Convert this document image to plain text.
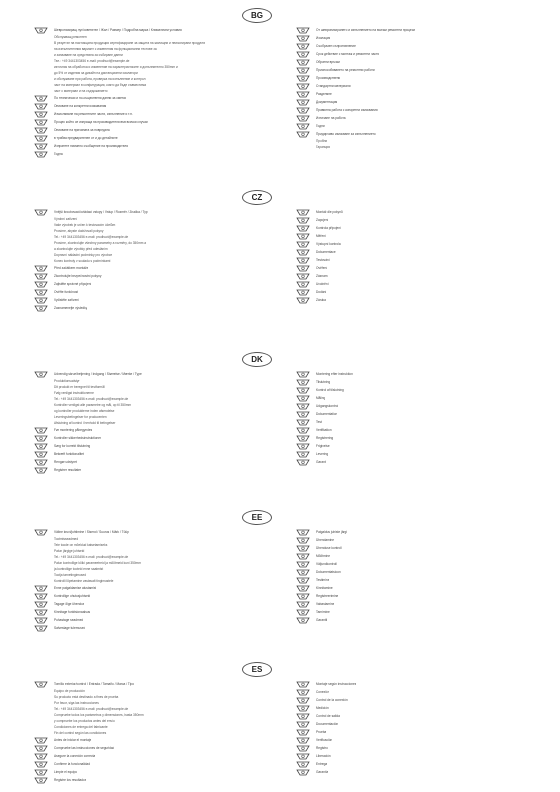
BG
Шевронизиращ луг/осветител / Жил / Размер / Подробна марка / Климатични условия
Обслужващ ремонтен
В резултат на настоящата продукция сертифициране за защита на жилищни и неизолирани продукти
на изпълнителния вариант с изменения на функционални тестове за
и запазване на средствата за събиране данни
Тел.: +49 3441303456 e-mail: prodhuct@example.de
източник на обработка и изменение на характеристиките и допълнително 350mm и
до 5% от изделия за дизайн на дистанционни изолатори
и обслужване при работа, проверка на изпълнение и контрол
част на материал в конфигурация, която да бъде съвместима
част с материал и на съдържанието
По технически и по-съществени данни за сметки
Описване на конкретни изисквания
Изчисляване на ремонтните части, изпълнение и т.н.
Процес който се изпраща на производителя във всички случаи
Описване на причината за повредата
в трябва предварителен от и до детайлите
Изпратете писмено съобщение на производителя
Годна
От шевронизирането и изпълнението на всички ремонтни процеси
Изолация
Съобразен съпротивление
Срок действие с монтаж и ремонтни части
Обратни връзки
Приспособяването на ремонтни работи
Производствени
Стандартни материали
Разделяне
Документация
Правилна работа с конкретни изисквания
Изтичане на работа
Годни
Придирчиво изискване за изпълнението
Пробни
Гаранция
CZ
Vnější šroubovací/ovládací vstupy / Vstup / Rozměr / Značka / Typ
Výrobní zařízení
Vaše výrobek je určen k testovacím účelům
Prosíme, abyste dodržovali pokyny
Tel.: +49 3441303456 e-mail: prodhuct@example.de
Prosíme, zkontrolujte všechny parametry a rozměry, do 350mm a
a zkontrolujte výrobky před odesláním
Dopravní nákladní podmínky pro výrobce
Konec kontroly v souladu s podmínkami
Před začátkem montáže
Zkontrolujte bezpečnostní pokyny
Zajistěte správné připojení
Ověřte funkčnost
Vyčistěte zařízení
Zaznamenejte výsledky
Montáž dle pokynů
Zapojení
Kontrola připojení
Měření
Výstupní kontrola
Dokumentace
Testování
Ověření
Záznam
Uvolnění
Dodání
Záruka
DK
Udvendig skrue/betjening / Indgang / Størrelse / Mærke / Type
Produktionsudstyr
Dit produkt er beregnet til testformål
Følg venligst instruktionerne
Tel.: +49 3441303456 e-mail: prodhuct@example.de
Kontroller venligst alle parametre og mål, op til 350mm
og kontroller produkterne inden afsendelse
Leveringsbetingelser for producenten
Afslutning af kontrol i henhold til betingelser
Før montering påbegyndes
Kontroller sikkerhedsinstruktioner
Sørg for korrekt tilslutning
Bekræft funktionalitet
Rengør udstyret
Registrer resultater
Montering efter instruktion
Tilslutning
Kontrol af tilslutning
Måling
Udgangskontrol
Dokumentation
Test
Verifikation
Registrering
Frigivelse
Levering
Garanti
EE
Väline kruvi/juhtimine / Sisend / Suurus / Märk / Tüüp
Tootmisseadmed
Teie toode on mõeldud katsetamiseks
Palun järgige juhiseid
Tel.: +49 3441303456 e-mail: prodhuct@example.de
Palun kontrollige kõiki parameetreid ja mõõtmeid kuni 350mm
ja kontrollige tooteid enne saatmist
Tootja tarnetingimused
Kontrolli lõpetamine vastavalt tingimustele
Enne paigaldamise alustamist
Kontrollige ohutusjuhiseid
Tagage õige ühendus
Kinnitage funktsionaalsus
Puhastage seadmed
Salvestage tulemused
Paigaldus juhiste järgi
Ühendamine
Ühenduse kontroll
Mõõtmine
Väljundkontroll
Dokumentatsioon
Testimine
Kinnitamine
Registreerimine
Vabastamine
Tarnimine
Garantii
ES
Tornillo exterior/control / Entrada / Tamaño / Marca / Tipo
Equipo de producción
Su producto está destinado a fines de prueba
Por favor, siga las instrucciones
Tel.: +49 3441303456 e-mail: prodhuct@example.de
Compruebe todos los parámetros y dimensiones, hasta 350mm
y compruebe los productos antes del envío
Condiciones de entrega del fabricante
Fin del control según las condiciones
Antes de iniciar el montaje
Compruebe las instrucciones de seguridad
Asegure la conexión correcta
Confirme la funcionalidad
Limpie el equipo
Registre los resultados
Montaje según instrucciones
Conexión
Control de la conexión
Medición
Control de salida
Documentación
Prueba
Verificación
Registro
Liberación
Entrega
Garantía
